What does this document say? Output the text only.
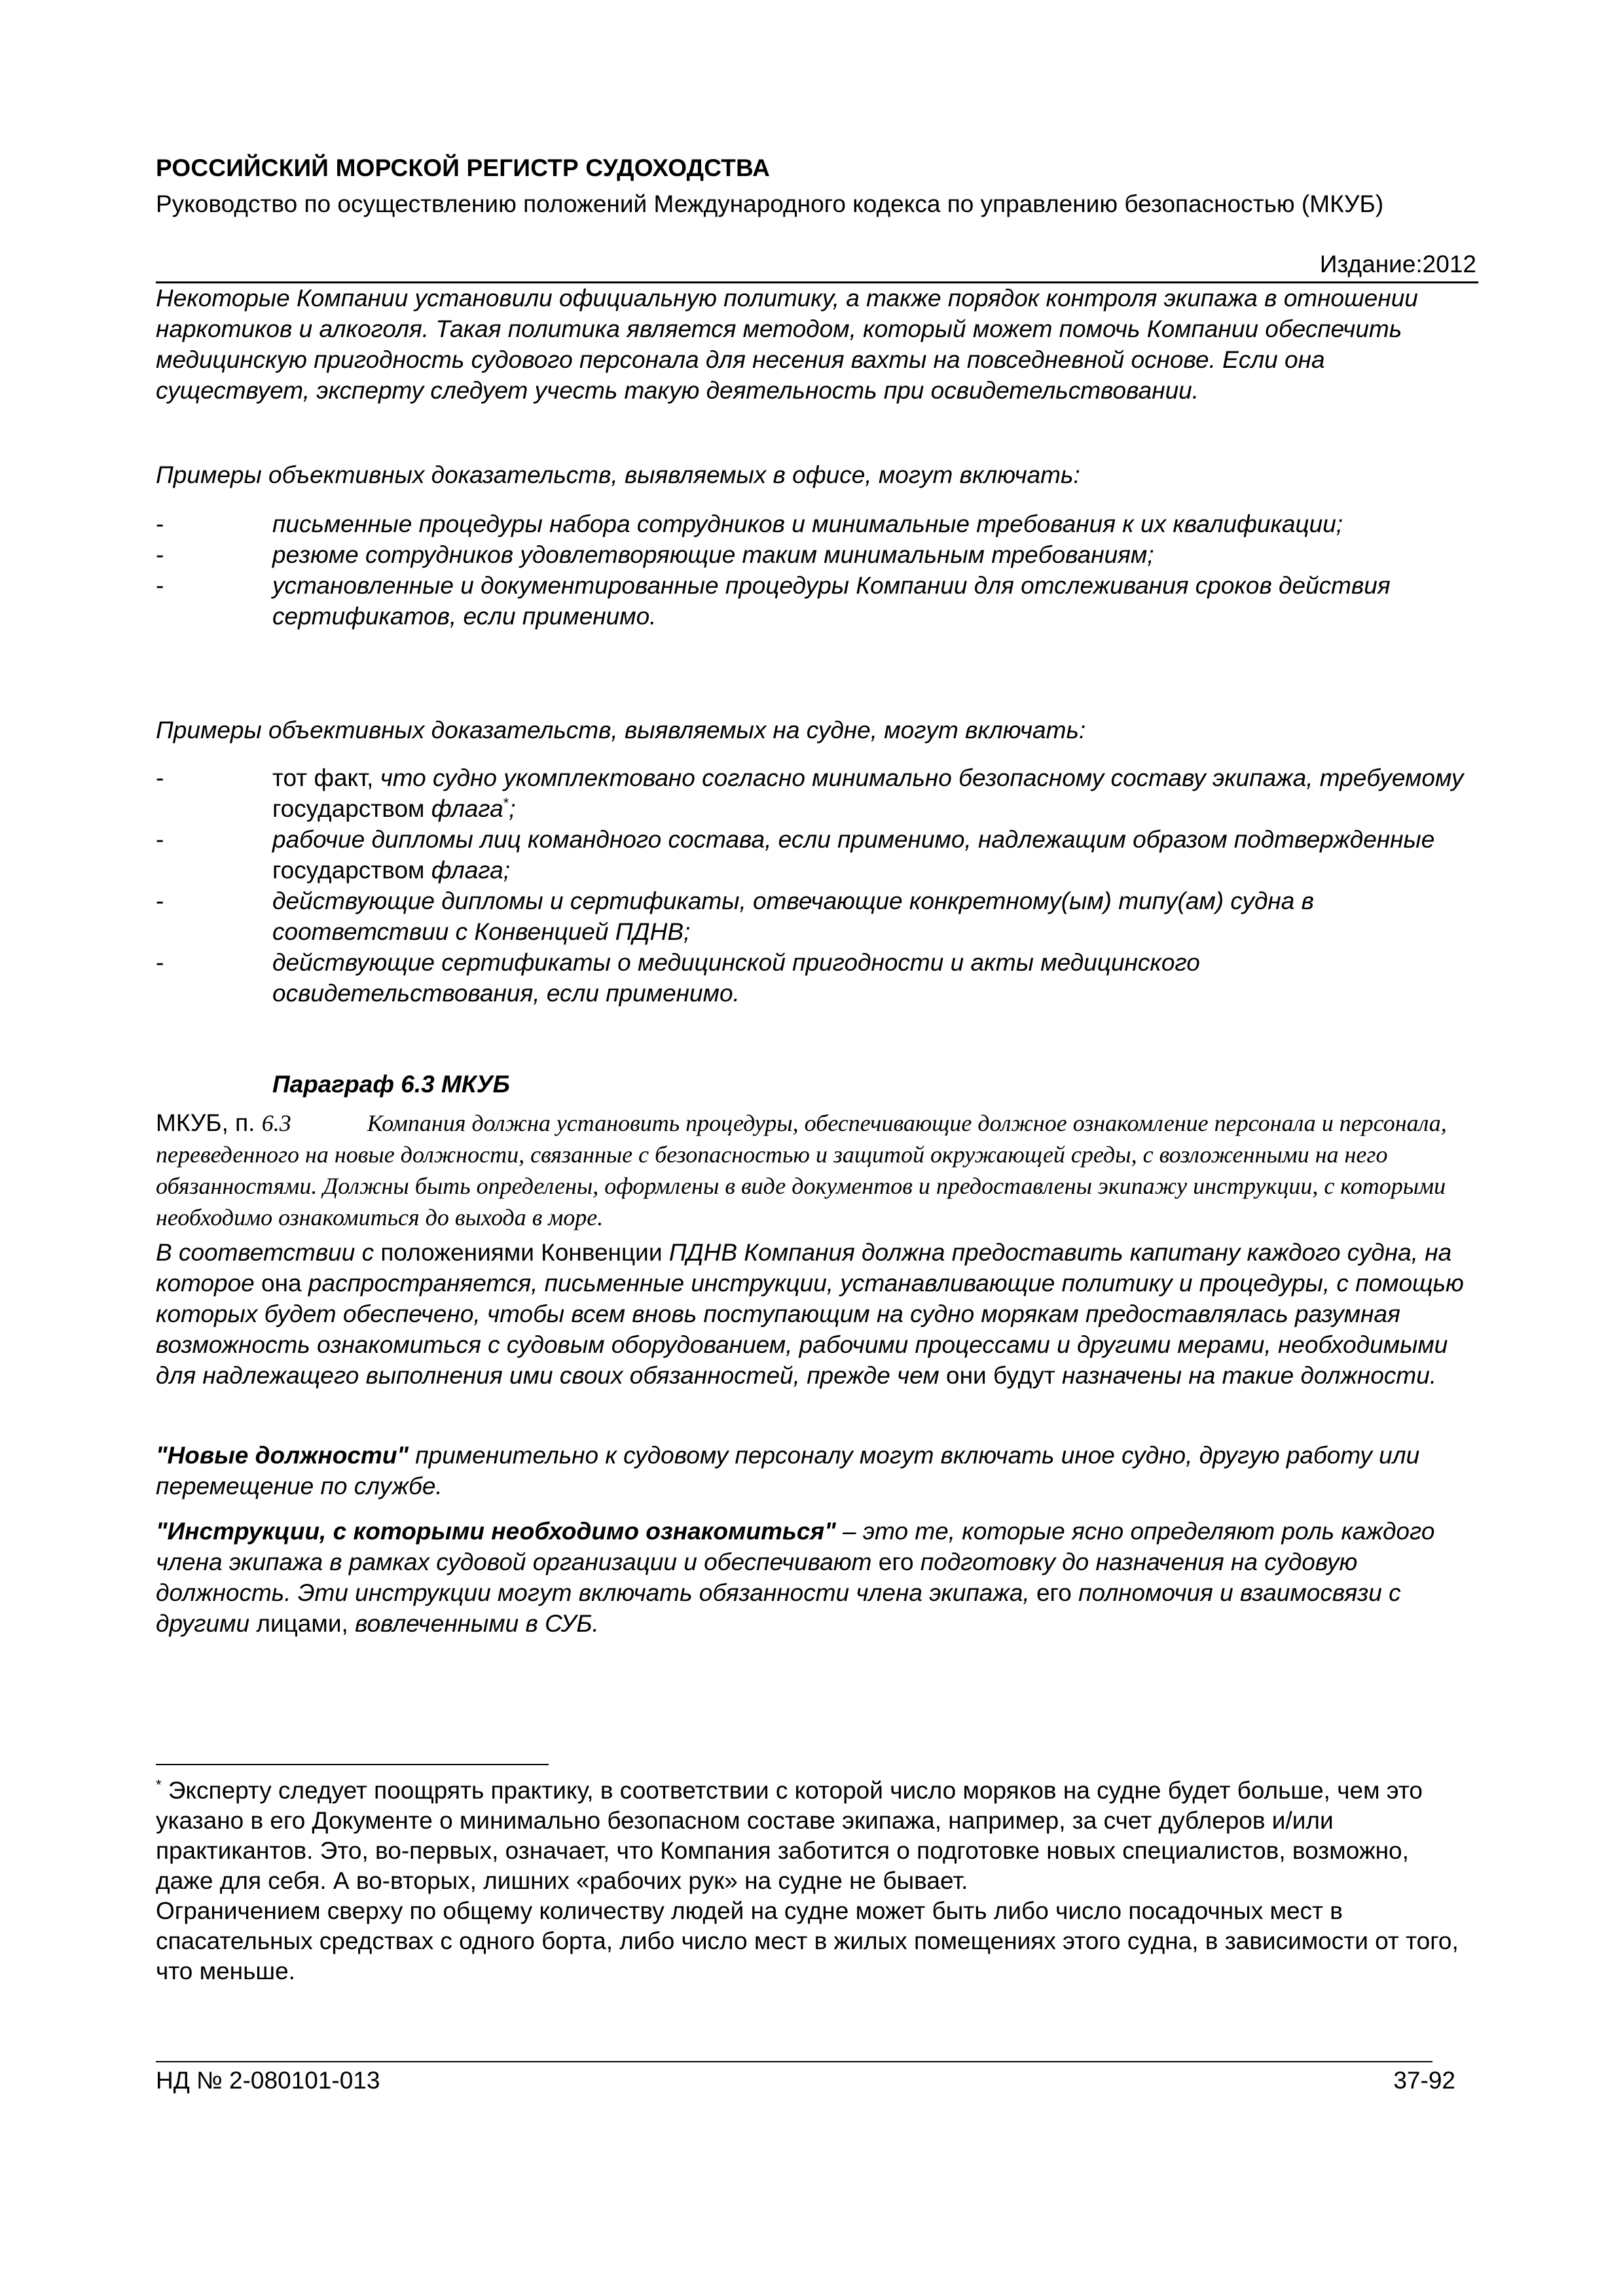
РОССИЙСКИЙ МОРСКОЙ РЕГИСТР СУДОХОДСТВА
Руководство по осуществлению положений Международного кодекса по управлению безопасностью (МКУБ)
Издание:2012

Некоторые Компании установили официальную политику, а также порядок контроля экипажа в отношении наркотиков и алкоголя. Такая политика является методом, который может помочь Компании обеспечить медицинскую пригодность судового персонала для несения вахты на повседневной основе. Если она существует, эксперту следует учесть такую деятельность при освидетельствовании.

Примеры объективных доказательств, выявляемых в офисе, могут включать:
-	письменные процедуры набора сотрудников и минимальные требования к их квалификации;
-	резюме сотрудников удовлетворяющие таким минимальным требованиям;
-	установленные и документированные процедуры Компании для отслеживания сроков действия сертификатов, если применимо.
Примеры объективных доказательств, выявляемых на судне, могут включать:
-	тот факт, что судно укомплектовано согласно минимально безопасному составу экипажа, требуемому государством флага*;
-	рабочие дипломы лиц командного состава, если применимо, надлежащим образом подтвержденные государством флага;
-	действующие дипломы и сертификаты, отвечающие конкретному(ым) типу(ам) судна в соответствии с Конвенцией ПДНВ;
-	действующие сертификаты о медицинской пригодности и акты медицинского освидетельствования, если применимо.
Параграф 6.3 МКУБ
МКУБ, п. 6.3	Компания должна установить процедуры, обеспечивающие должное ознакомление персонала и персонала, переведенного на новые должности, связанные с безопасностью и защитой окружающей среды, с возложенными на него обязанностями. Должны быть определены, оформлены в виде документов и предоставлены экипажу инструкции, с которыми необходимо ознакомиться до выхода в море.

В соответствии с положениями Конвенции ПДНВ Компания должна предоставить капитану каждого судна, на которое она распространяется, письменные инструкции, устанавливающие политику и процедуры, с помощью которых будет обеспечено, чтобы всем вновь поступающим на судно морякам предоставлялась разумная возможность ознакомиться с судовым оборудованием, рабочими процессами и другими мерами, необходимыми для надлежащего выполнения ими своих обязанностей, прежде чем они будут назначены на такие должности.

"Новые должности" применительно к судовому персоналу могут включать иное судно, другую работу или перемещение по службе.

"Инструкции, с которыми необходимо ознакомиться" – это те, которые ясно определяют роль каждого члена экипажа в рамках судовой организации и обеспечивают его подготовку до назначения на судовую должность. Эти инструкции могут включать обязанности члена экипажа, его полномочия и взаимосвязи с другими лицами, вовлеченными в СУБ.

* Эксперту следует поощрять практику, в соответствии с которой число моряков на судне будет больше, чем это указано в его Документе о минимально безопасном составе экипажа, например, за счет дублеров и/или практикантов. Это, во-первых, означает, что Компания заботится о подготовке новых специалистов, возможно, даже для себя. А во-вторых, лишних «рабочих рук» на судне не бывает.

Ограничением сверху по общему количеству людей на судне может быть либо число посадочных мест в спасательных средствах с одного борта, либо число мест в жилых помещениях этого судна, в зависимости от того, что меньше.

НД № 2-080101-013	37-92
